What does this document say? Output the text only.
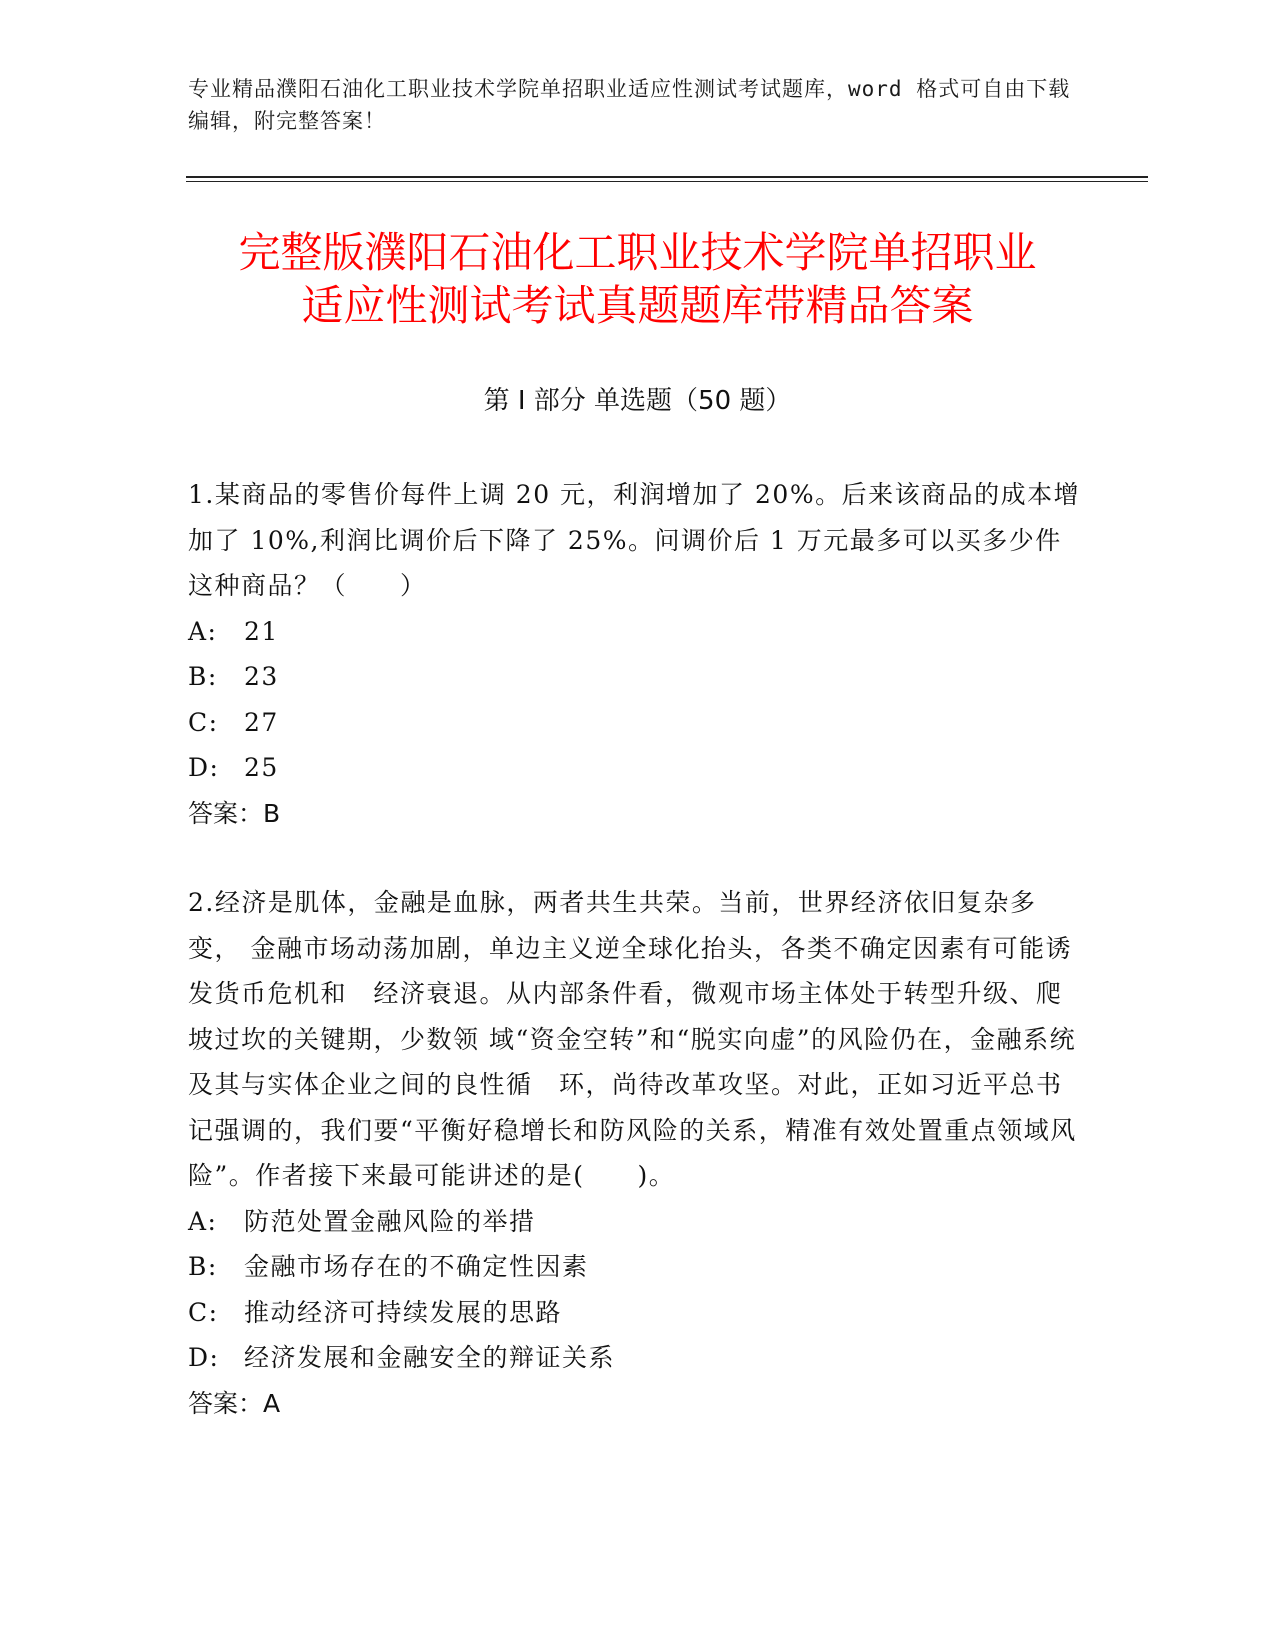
专业精品濮阳石油化工职业技术学院单招职业适应性测试考试题库，word 格式可自由下载编辑，附完整答案！
完整版濮阳石油化工职业技术学院单招职业
适应性测试考试真题题库带精品答案
第 I 部分 单选题（50 题）

1.某商品的零售价每件上调 20 元，利润增加了 20%。后来该商品的成本增 加了 10%,利润比调价后下降了 25%。问调价后 1 万元最多可以买多少件这种商品？（　　）

A:	21
B:	23
C:	27
D: 25
答案：B

2.经济是肌体，金融是血脉，两者共生共荣。当前，世界经济依旧复杂多变， 金融市场动荡加剧，单边主义逆全球化抬头，各类不确定因素有可能诱发货币危机和　经济衰退。从内部条件看，微观市场主体处于转型升级、爬坡过坎的关键期，少数领 域“资金空转”和“脱实向虚”的风险仍在，金融系统及其与实体企业之间的良性循　环，尚待改革攻坚。对此，正如习近平总书记强调的，我们要“平衡好稳增长和防风险的关系，精准有效处置重点领域风险”。作者接下来最可能讲述的是(　　)。

A:	防范处置金融风险的举措
B:	金融市场存在的不确定性因素
C:	推动经济可持续发展的思路
D: 经济发展和金融安全的辩证关系
答案：A
